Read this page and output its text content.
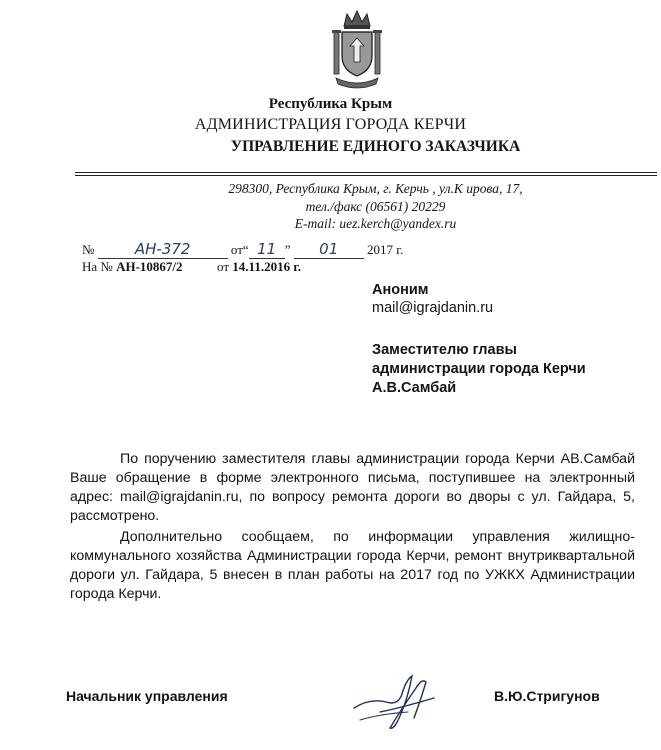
Республика Крым
АДМИНИСТРАЦИЯ ГОРОДА КЕРЧИ
УПРАВЛЕНИЕ ЕДИНОГО ЗАКАЗЧИКА
298300, Республика Крым, г. Керчь , ул.К ирова, 17,
тел./факс (06561) 20229
E-mail: uez.kerch@yandex.ru
№	АН-372	от“ 11 ” 01 2017 г.
На № АН-10867/2	от 14.11.2016 г.
Аноним
mail@igrajdanin.ru
Заместителю главы
администрации города Керчи
А.В.Самбай

По поручению заместителя главы администрации города Керчи АВ.Самбай Ваше обращение в форме электронного письма, поступившее на электронный адрес: mail@igrajdanin.ru, по вопросу ремонта дороги во дворы с ул. Гайдара, 5, рассмотрено.

Дополнительно сообщаем, по информации управления жилищно-коммунального хозяйства Администрации города Керчи, ремонт внутриквартальной дороги ул. Гайдара, 5 внесен в план работы на 2017 год по УЖКХ Администрации города Керчи.

Начальник управления	В.Ю.Стригунов
